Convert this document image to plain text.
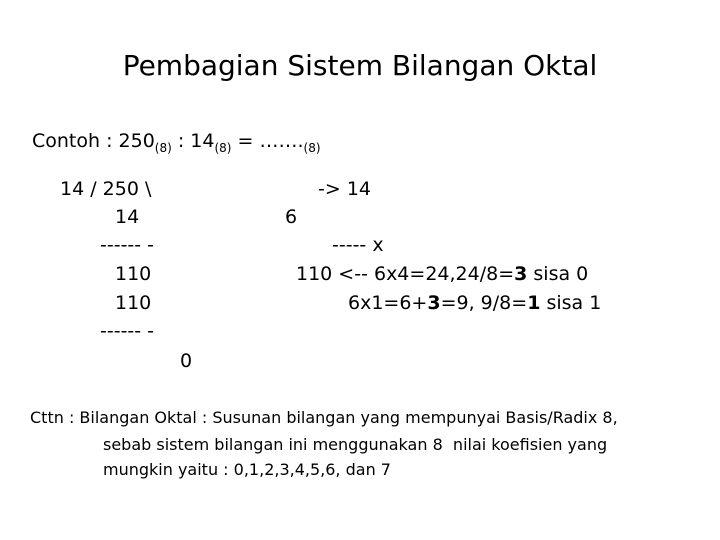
Pembagian Sistem Bilangan Oktal
Contoh : $250_{(8)}$ : $14_{(8)}$ = $\dots\dots._{(8)}$
14 / 250 \
14
------ -
110
110
------ -
0
-> 14
6
----- x
110 <-- 6x4=24,24/8=3 sisa 0
6x1=6+3=9, 9/8=1 sisa 1
Cttn : Bilangan Oktal : Susunan bilangan yang mempunyai Basis/Radix 8,
sebab sistem bilangan ini menggunakan 8  nilai koefisien yang
mungkin yaitu : 0,1,2,3,4,5,6, dan 7
